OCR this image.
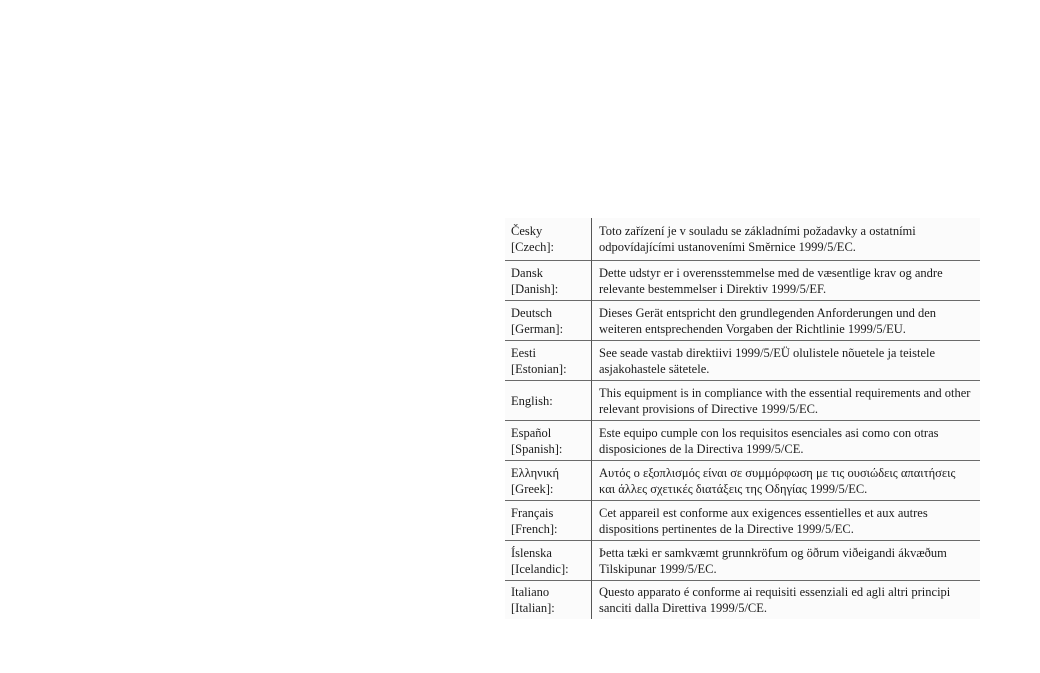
Česky
[Czech]:	Toto zařízení je v souladu se základními požadavky a ostatními odpovídajícími ustanoveními Směrnice 1999/5/EC.

Dansk
[Danish]:	Dette udstyr er i overensstemmelse med de væsentlige krav og andre relevante bestemmelser i Direktiv 1999/5/EF.

Deutsch
[German]:	Dieses Gerät entspricht den grundlegenden Anforderungen und den weiteren entsprechenden Vorgaben der Richtlinie 1999/5/EU.

Eesti
[Estonian]:	See seade vastab direktiivi 1999/5/EÜ olulistele nõuetele ja teistele asjakohastele sätetele.

English:	This equipment is in compliance with the essential requirements and other relevant provisions of Directive 1999/5/EC.

Español
[Spanish]:	Este equipo cumple con los requisitos esenciales asi como con otras disposiciones de la Directiva 1999/5/CE.

Ελληνική
[Greek]:	Αυτός ο εξοπλισμός είναι σε συμμόρφωση με τις ουσιώδεις απαιτήσεις και άλλες σχετικές διατάξεις της Οδηγίας 1999/5/EC.

Français
[French]:	Cet appareil est conforme aux exigences essentielles et aux autres dispositions pertinentes de la Directive 1999/5/EC.

Íslenska
[Icelandic]:	Þetta tæki er samkvæmt grunnkröfum og öðrum viðeigandi ákvæðum Tilskipunar 1999/5/EC.

Italiano
[Italian]:	Questo apparato é conforme ai requisiti essenziali ed agli altri principi sanciti dalla Direttiva 1999/5/CE.
